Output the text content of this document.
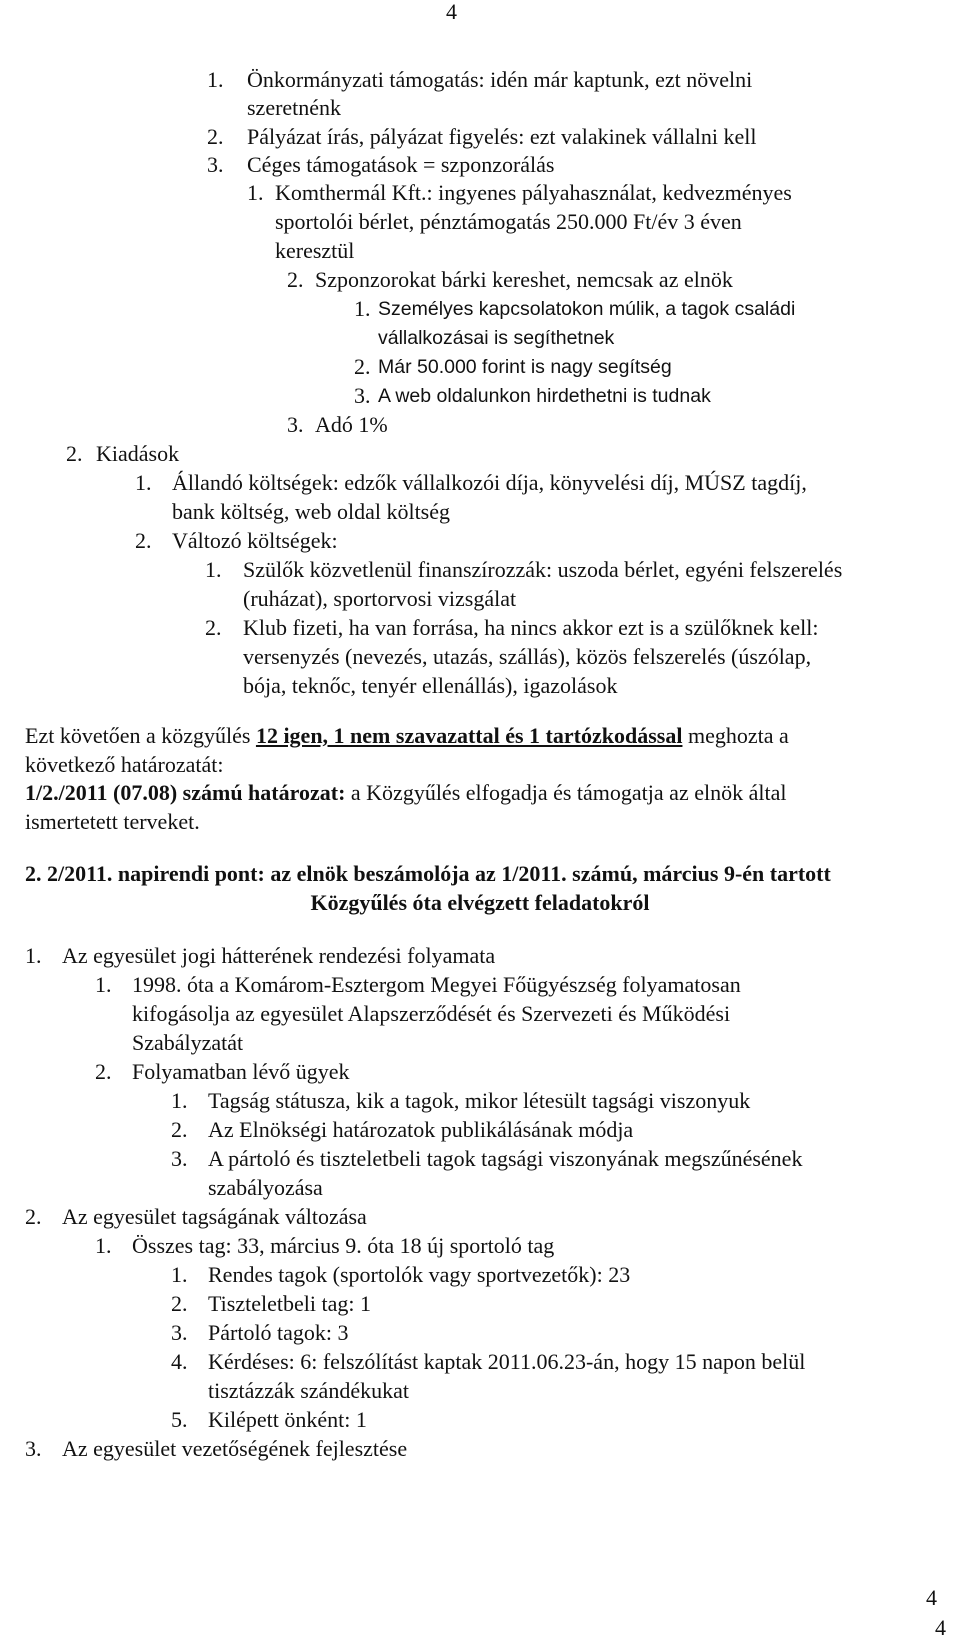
4
1. Önkormányzati támogatás: idén már kaptunk, ezt növelni
szeretnénk
2. Pályázat írás, pályázat figyelés: ezt valakinek vállalni kell
3. Céges támogatások = szponzorálás
1. Komthermál Kft.: ingyenes pályahasználat, kedvezményes
sportolói bérlet, pénztámogatás 250.000 Ft/év 3 éven
keresztül
2. Szponzorokat bárki kereshet, nemcsak az elnök
1. Személyes kapcsolatokon múlik, a tagok családi
vállalkozásai is segíthetnek
2. Már 50.000 forint is nagy segítség
3. A web oldalunkon hirdethetni is tudnak
3. Adó 1%
2. Kiadások
1. Állandó költségek: edzők vállalkozói díja, könyvelési díj, MÚSZ tagdíj,
bank költség, web oldal költség
2. Változó költségek:
1. Szülők közvetlenül finanszírozzák: uszoda bérlet, egyéni felszerelés
(ruházat), sportorvosi vizsgálat
2. Klub fizeti, ha van forrása, ha nincs akkor ezt is a szülőknek kell:
versenyzés (nevezés, utazás, szállás), közös felszerelés (úszólap,
bója, teknőc, tenyér ellenállás), igazolások
Ezt követően a közgyűlés 12 igen, 1 nem szavazattal és 1 tartózkodással meghozta a
következő határozatát:
1/2./2011 (07.08) számú határozat: a Közgyűlés elfogadja és támogatja az elnök által
ismertetett terveket.
2. 2/2011. napirendi pont: az elnök beszámolója az 1/2011. számú, március 9-én tartott
Közgyűlés óta elvégzett feladatokról
1. Az egyesület jogi hátterének rendezési folyamata
1. 1998. óta a Komárom-Esztergom Megyei Főügyészség folyamatosan
kifogásolja az egyesület Alapszerződését és Szervezeti és Működési
Szabályzatát
2. Folyamatban lévő ügyek
1. Tagság státusza, kik a tagok, mikor létesült tagsági viszonyuk
2. Az Elnökségi határozatok publikálásának módja
3. A pártoló és tiszteletbeli tagok tagsági viszonyának megszűnésének
szabályozása
2. Az egyesület tagságának változása
1. Összes tag: 33, március 9. óta 18 új sportoló tag
1. Rendes tagok (sportolók vagy sportvezetők): 23
2. Tiszteletbeli tag: 1
3. Pártoló tagok: 3
4. Kérdéses: 6: felszólítást kaptak 2011.06.23-án, hogy 15 napon belül
tisztázzák szándékukat
5. Kilépett önként: 1
3. Az egyesület vezetőségének fejlesztése
4
4
